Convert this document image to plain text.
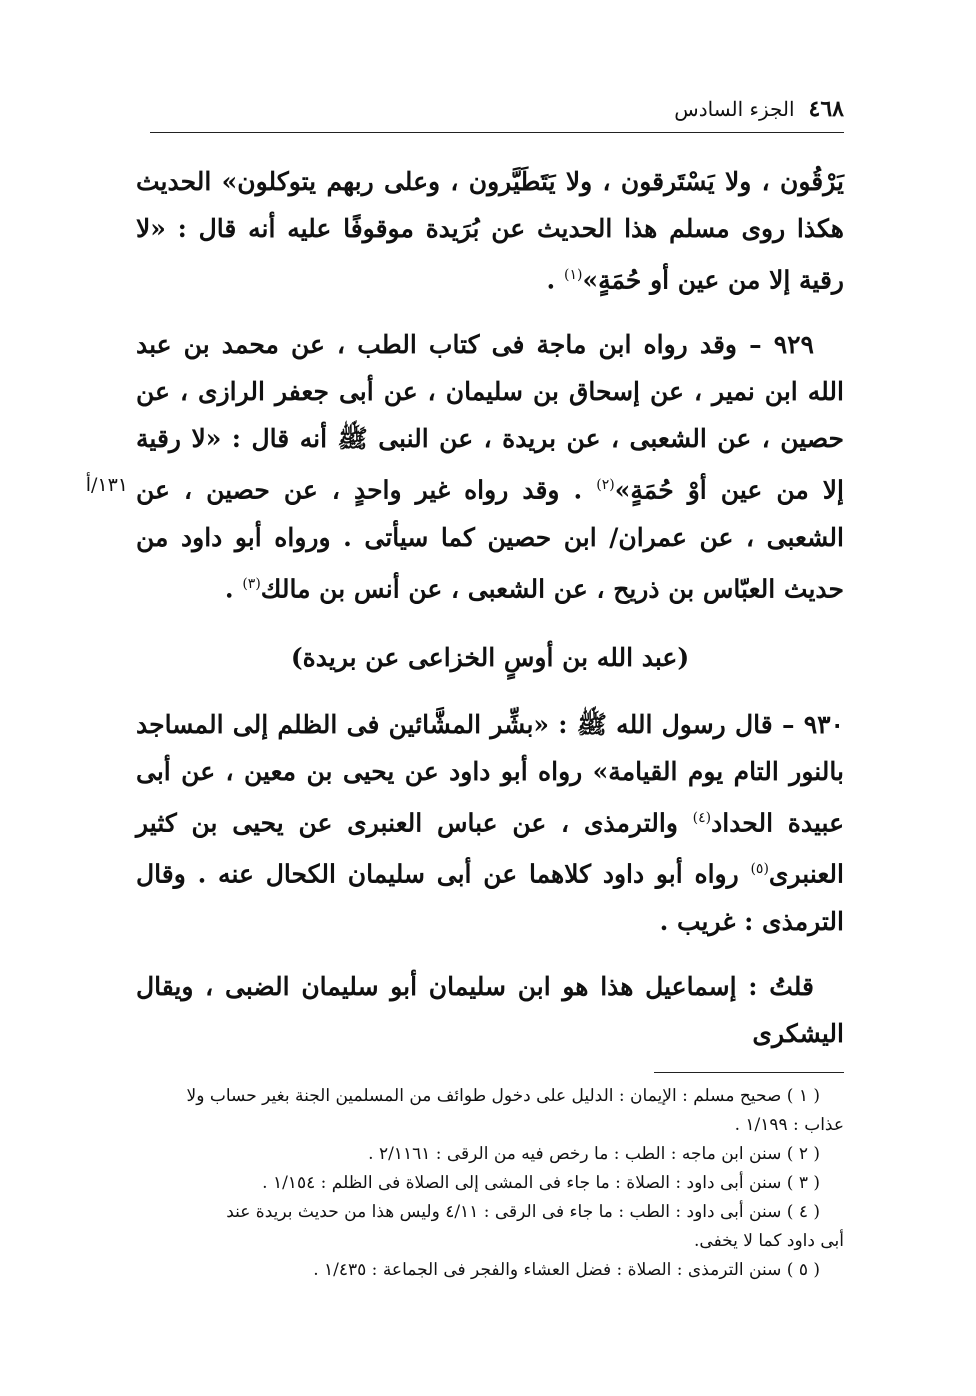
٤٦٨
الجزء السادس
١٣١/أ

يَرْقُون ، ولا يَسْتَرقون ، ولا يَتَطَيَّرون ، وعلى ربهم يتوكلون» الحديث هكذا روى مسلم هذا الحديث عن بُرَيدة موقوفًا عليه أنه قال : «لا رقية إلا من عين أو حُمَةٍ»$^{(١)}$ .

٩٢٩ – وقد رواه ابن ماجة فى كتاب الطب ، عن محمد بن عبد الله ابن نمير ، عن إسحاق بن سليمان ، عن أبى جعفر الرازى ، عن حصين ، عن الشعبى ، عن بريدة ، عن النبى ﷺ أنه قال : «لا رقية إلا من عين أوْ حُمَةٍ»$^{(٢)}$ . وقد رواه غير واحدٍ ، عن حصين ، عن الشعبى ، عن عمران/ ابن حصين كما سيأتى . ورواه أبو داود من حديث العبّاس بن ذريح ، عن الشعبى ، عن أنس بن مالك$^{(٣)}$ .

(عبد الله بن أوسٍ الخزاعى عن بريدة)

٩٣٠ – قال رسول الله ﷺ : «بشِّر المشَّائين فى الظلم إلى المساجد بالنور التام يوم القيامة» رواه أبو داود عن يحيى بن معين ، عن أبى عبيدة الحداد$^{(٤)}$ والترمذى ، عن عباس العنبرى عن يحيى بن كثير العنبرى$^{(٥)}$ رواه أبو داود كلاهما عن أبى سليمان الكحال عنه . وقال الترمذى : غريب .

قلتُ : إسماعيل هذا هو ابن سليمان أبو سليمان الضبى ، ويقال اليشكرى

( ١ ) صحيح مسلم : الإيمان : الدليل على دخول طوائف من المسلمين الجنة بغير حساب ولا

عذاب : ١/١٩٩ .

( ٢ ) سنن ابن ماجه : الطب : ما رخص فيه من الرقى : ٢/١١٦١ .

( ٣ ) سنن أبى داود : الصلاة : ما جاء فى المشى إلى الصلاة فى الظلم : ١/١٥٤ .

( ٤ ) سنن أبى داود : الطب : ما جاء فى الرقى : ٤/١١ وليس هذا من حديث بريدة عند

أبى داود كما لا يخفى.

( ٥ ) سنن الترمذى : الصلاة : فضل العشاء والفجر فى الجماعة : ١/٤٣٥ .
